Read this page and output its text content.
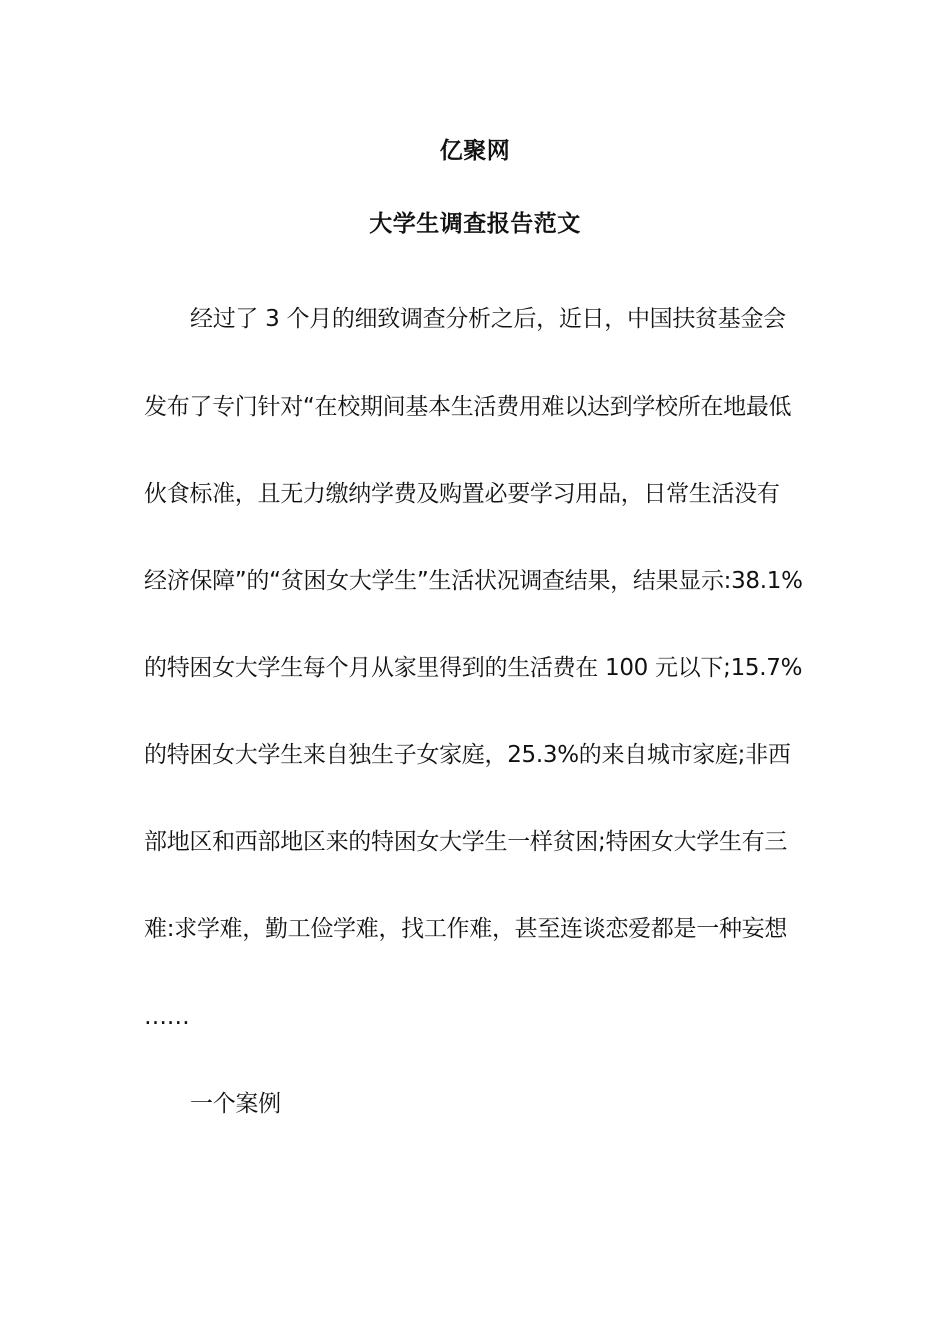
亿聚网
大学生调查报告范文
经过了 3 个月的细致调查分析之后，近日，中国扶贫基金会
发布了专门针对“在校期间基本生活费用难以达到学校所在地最低
伙食标准，且无力缴纳学费及购置必要学习用品，日常生活没有
经济保障”的“贫困女大学生”生活状况调查结果，结果显示:38.1%
的特困女大学生每个月从家里得到的生活费在 100 元以下;15.7%
的特困女大学生来自独生子女家庭，25.3%的来自城市家庭;非西
部地区和西部地区来的特困女大学生一样贫困;特困女大学生有三
难:求学难，勤工俭学难，找工作难，甚至连谈恋爱都是一种妄想
……
一个案例
